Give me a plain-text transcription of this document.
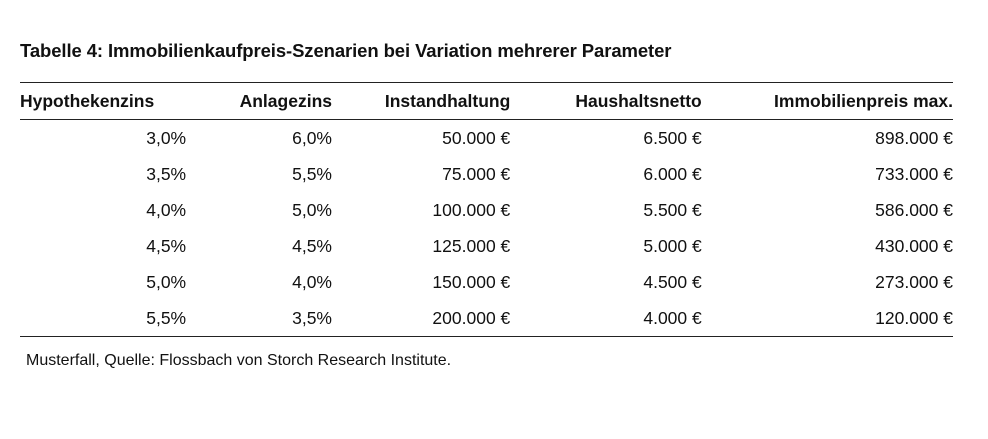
Tabelle 4: Immobilienkaufpreis-Szenarien bei Variation mehrerer Parameter
Hypothekenzins	Anlagezins	Instandhaltung	Haushaltsnetto	Immobilienpreis max.
3,0%	6,0%	50.000 €	6.500 €	898.000 €
3,5%	5,5%	75.000 €	6.000 €	733.000 €
4,0%	5,0%	100.000 €	5.500 €	586.000 €
4,5%	4,5%	125.000 €	5.000 €	430.000 €
5,0%	4,0%	150.000 €	4.500 €	273.000 €
5,5%	3,5%	200.000 €	4.000 €	120.000 €
Musterfall, Quelle: Flossbach von Storch Research Institute.
